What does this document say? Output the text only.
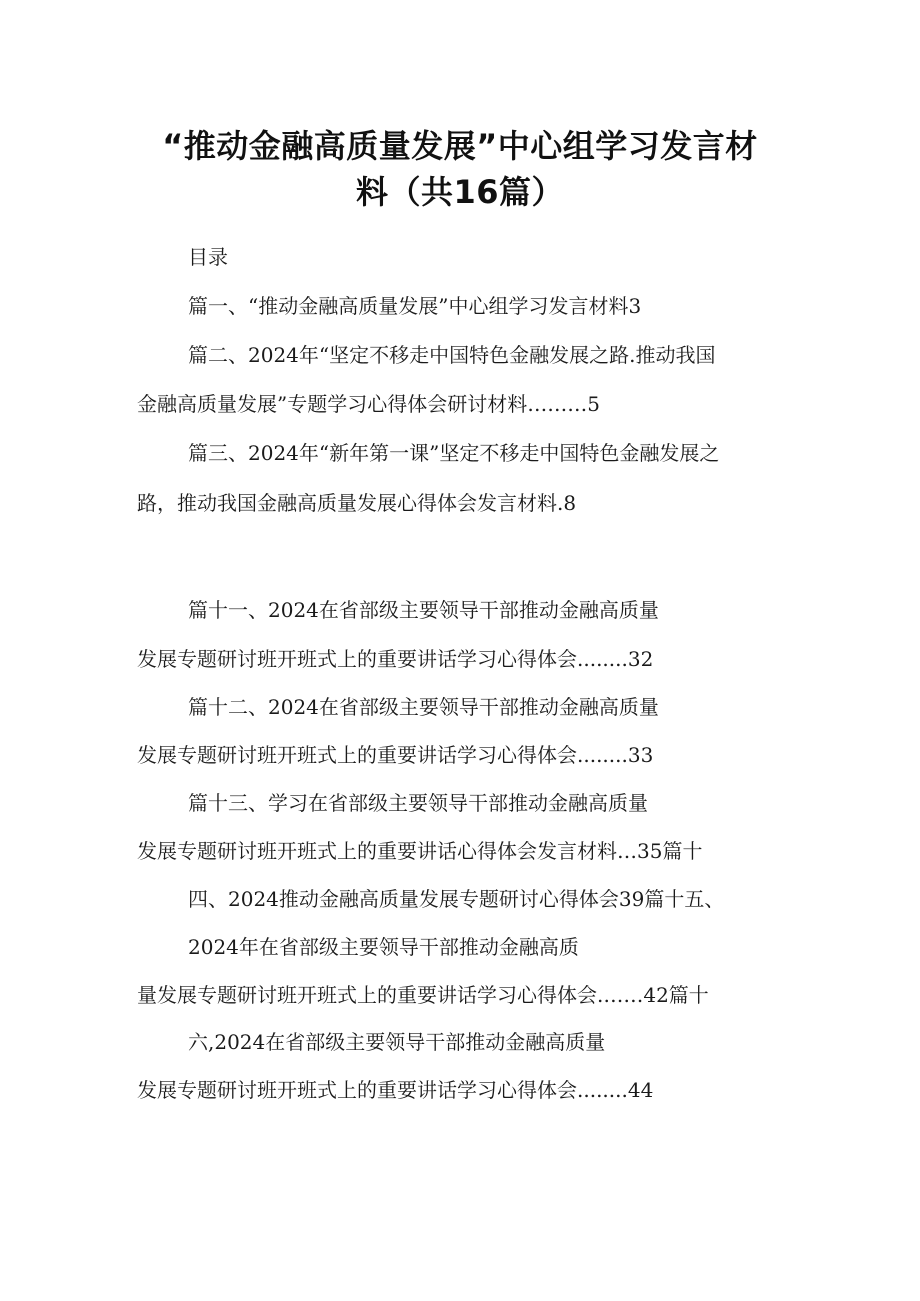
“推动金融高质量发展”中心组学习发言材
料（共16篇）
目录
篇一、“推动金融高质量发展”中心组学习发言材料3
篇二、2024年“坚定不移走中国特色金融发展之路.推动我国
金融高质量发展”专题学习心得体会研讨材料………5
篇三、2024年“新年第一课”坚定不移走中国特色金融发展之
路，推动我国金融高质量发展心得体会发言材料.8
篇十一、2024在省部级主要领导干部推动金融高质量
发展专题研讨班开班式上的重要讲话学习心得体会........32
篇十二、2024在省部级主要领导干部推动金融高质量
发展专题研讨班开班式上的重要讲话学习心得体会........33
篇十三、学习在省部级主要领导干部推动金融高质量
发展专题研讨班开班式上的重要讲话心得体会发言材料…35篇十
四、2024推动金融高质量发展专题研讨心得体会39篇十五、
2024年在省部级主要领导干部推动金融高质
量发展专题研讨班开班式上的重要讲话学习心得体会.……42篇十
六,2024在省部级主要领导干部推动金融高质量
发展专题研讨班开班式上的重要讲话学习心得体会........44
